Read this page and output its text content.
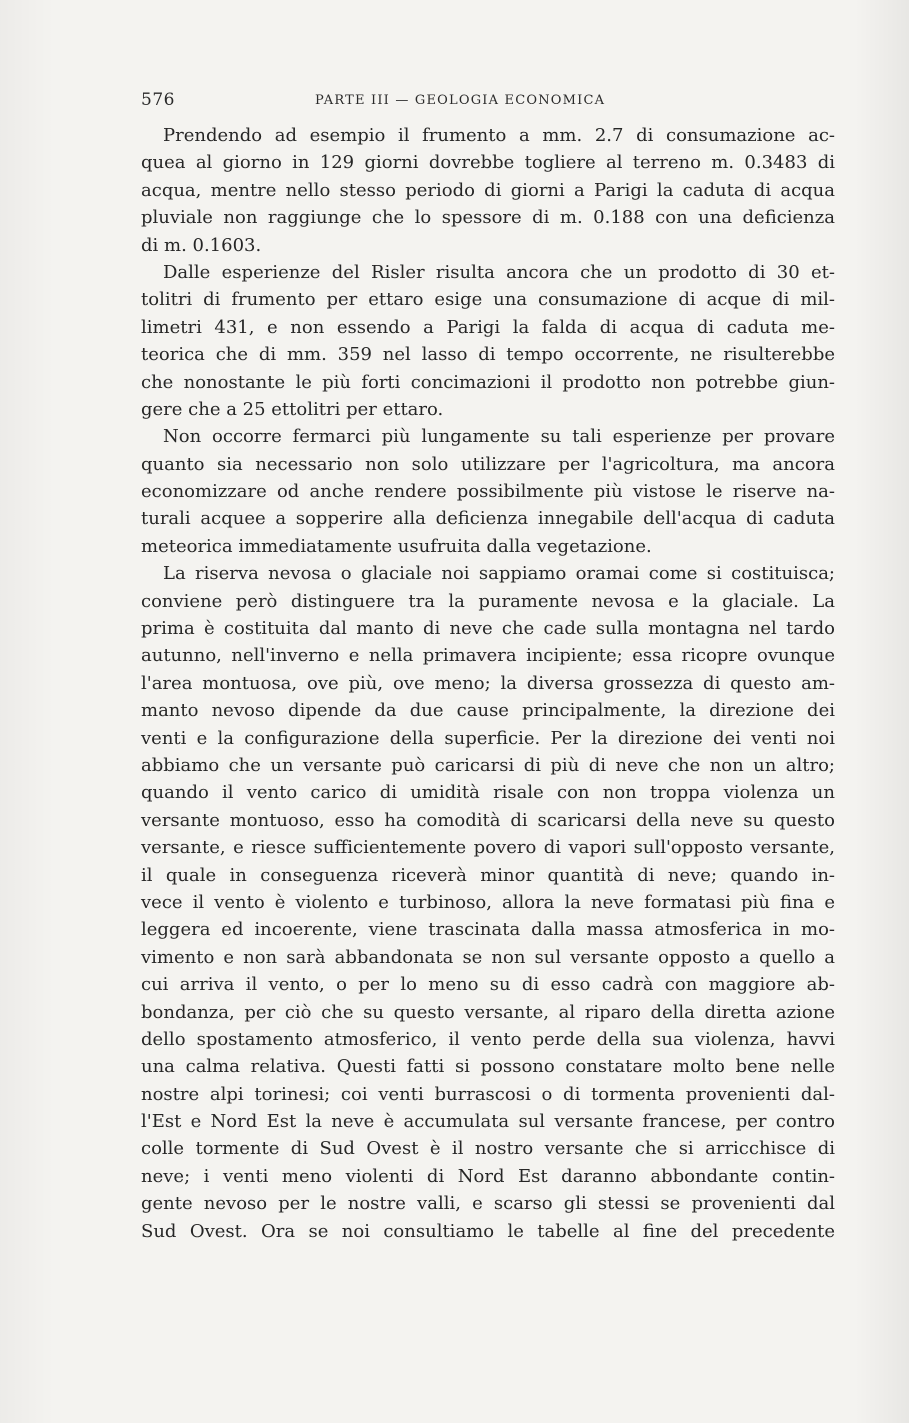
576	PARTE III — GEOLOGIA ECONOMICA
Prendendo ad esempio il frumento a mm. 2.7 di consumazione ac-
quea al giorno in 129 giorni dovrebbe togliere al terreno m. 0.3483 di
acqua, mentre nello stesso periodo di giorni a Parigi la caduta di acqua
pluviale non raggiunge che lo spessore di m. 0.188 con una deficienza
di m. 0.1603.
Dalle esperienze del Risler risulta ancora che un prodotto di 30 et-
tolitri di frumento per ettaro esige una consumazione di acque di mil-
limetri 431, e non essendo a Parigi la falda di acqua di caduta me-
teorica che di mm. 359 nel lasso di tempo occorrente, ne risulterebbe
che nonostante le più forti concimazioni il prodotto non potrebbe giun-
gere che a 25 ettolitri per ettaro.
Non occorre fermarci più lungamente su tali esperienze per provare
quanto sia necessario non solo utilizzare per l'agricoltura, ma ancora
economizzare od anche rendere possibilmente più vistose le riserve na-
turali acquee a sopperire alla deficienza innegabile dell'acqua di caduta
meteorica immediatamente usufruita dalla vegetazione.
La riserva nevosa o glaciale noi sappiamo oramai come si costituisca;
conviene però distinguere tra la puramente nevosa e la glaciale. La
prima è costituita dal manto di neve che cade sulla montagna nel tardo
autunno, nell'inverno e nella primavera incipiente; essa ricopre ovunque
l'area montuosa, ove più, ove meno; la diversa grossezza di questo am-
manto nevoso dipende da due cause principalmente, la direzione dei
venti e la configurazione della superficie. Per la direzione dei venti noi
abbiamo che un versante può caricarsi di più di neve che non un altro;
quando il vento carico di umidità risale con non troppa violenza un
versante montuoso, esso ha comodità di scaricarsi della neve su questo
versante, e riesce sufficientemente povero di vapori sull'opposto versante,
il quale in conseguenza riceverà minor quantità di neve; quando in-
vece il vento è violento e turbinoso, allora la neve formatasi più fina e
leggera ed incoerente, viene trascinata dalla massa atmosferica in mo-
vimento e non sarà abbandonata se non sul versante opposto a quello a
cui arriva il vento, o per lo meno su di esso cadrà con maggiore ab-
bondanza, per ciò che su questo versante, al riparo della diretta azione
dello spostamento atmosferico, il vento perde della sua violenza, havvi
una calma relativa. Questi fatti si possono constatare molto bene nelle
nostre alpi torinesi; coi venti burrascosi o di tormenta provenienti dal-
l'Est e Nord Est la neve è accumulata sul versante francese, per contro
colle tormente di Sud Ovest è il nostro versante che si arricchisce di
neve; i venti meno violenti di Nord Est daranno abbondante contin-
gente nevoso per le nostre valli, e scarso gli stessi se provenienti dal
Sud Ovest. Ora se noi consultiamo le tabelle al fine del precedente
